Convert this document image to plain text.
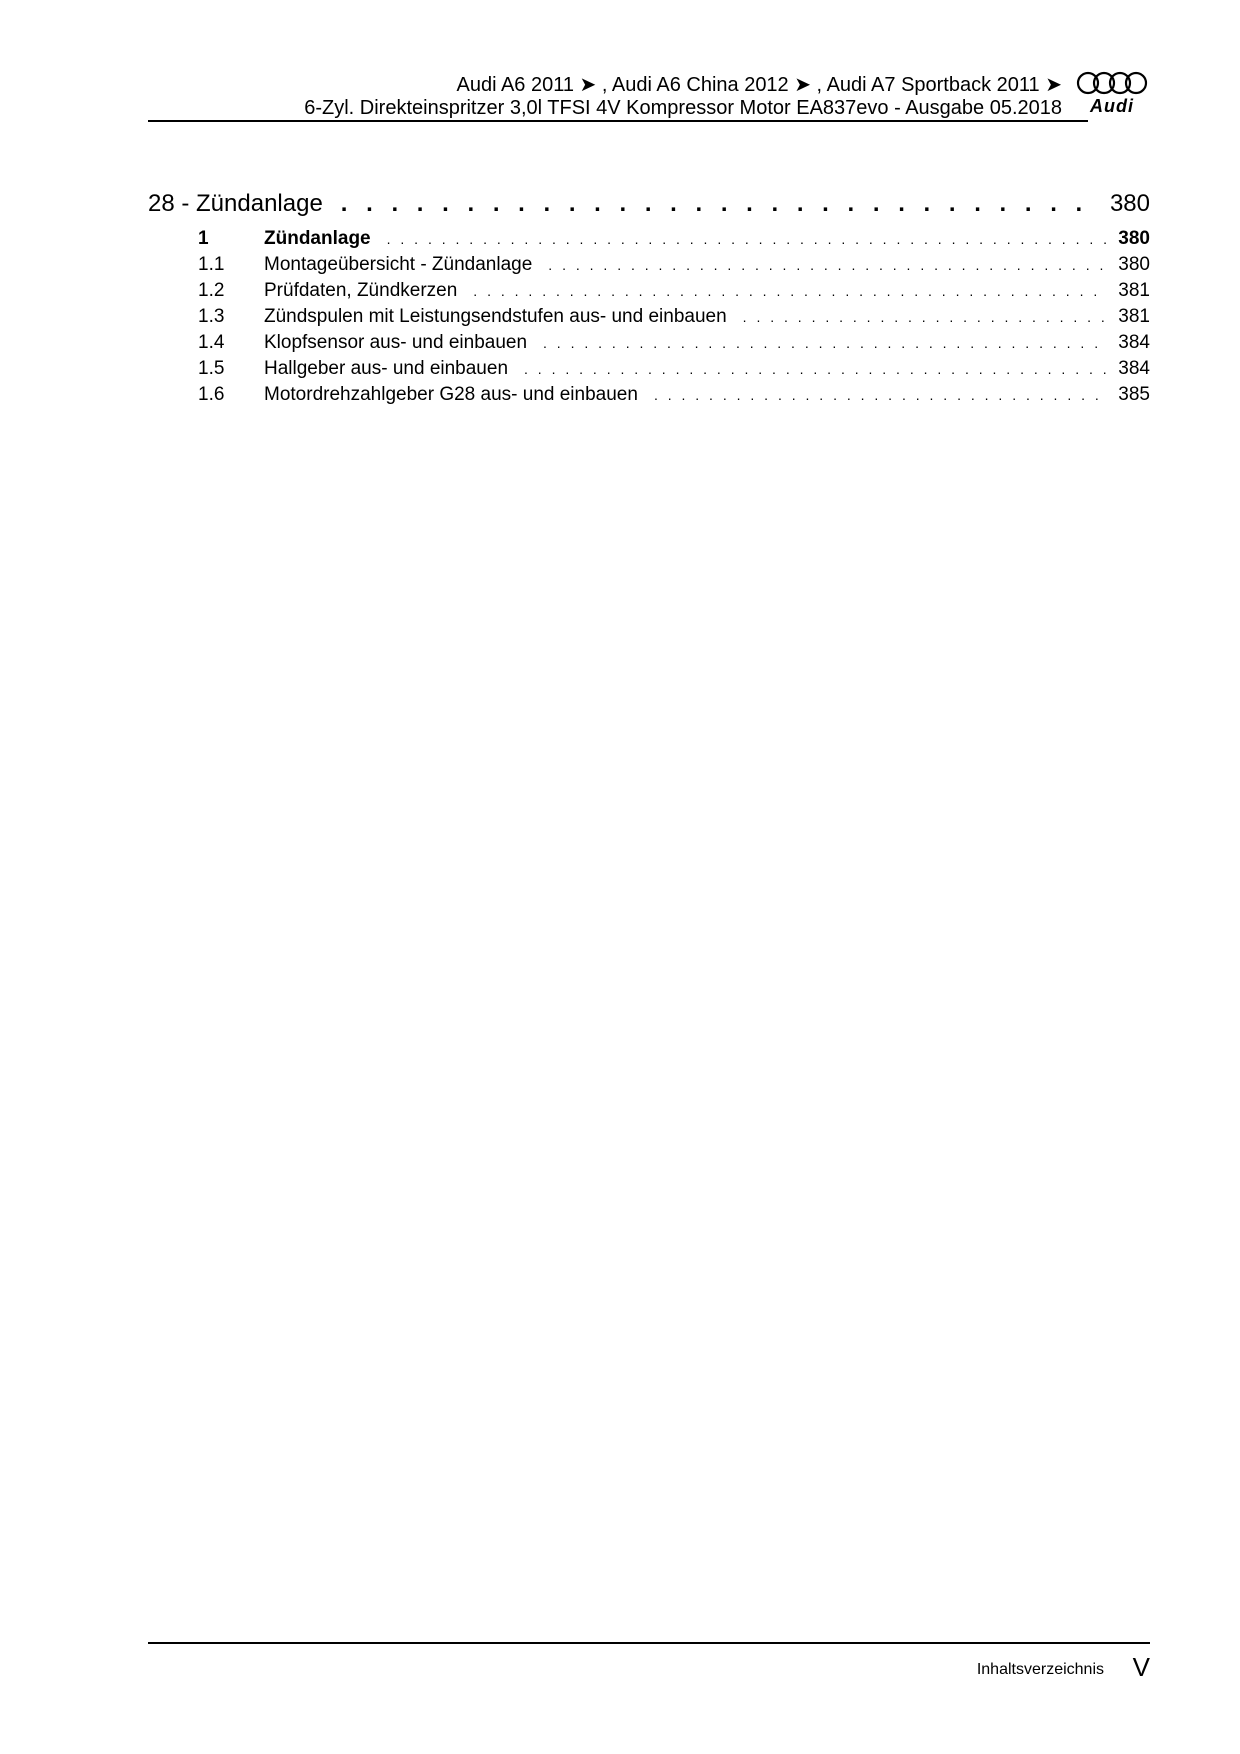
Audi A6 2011 ➤ , Audi A6 China 2012 ➤ , Audi A7 Sportback 2011 ➤
6-Zyl. Direkteinspritzer 3,0l TFSI 4V Kompressor Motor EA837evo - Ausgabe 05.2018	Audi
28 - Zündanlage . . .	380
1	Zündanlage . . .	380
1.1	Montageübersicht - Zündanlage . . .	380
1.2	Prüfdaten, Zündkerzen . . .	381
1.3	Zündspulen mit Leistungsendstufen aus- und einbauen . . .	381
1.4	Klopfsensor aus- und einbauen . . .	384
1.5	Hallgeber aus- und einbauen . . .	384
1.6	Motordrehzahlgeber G28 aus- und einbauen . . .	385
Inhaltsverzeichnis V
